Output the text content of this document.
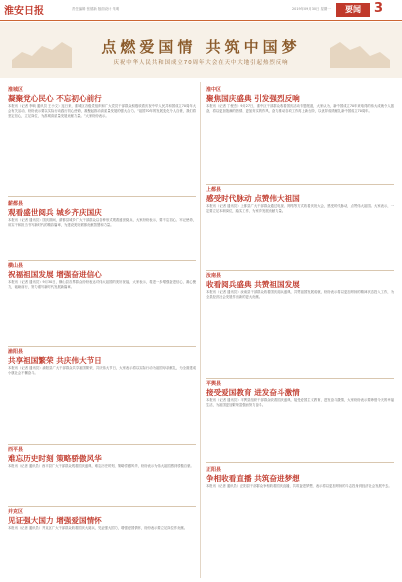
淮安日报	责任编辑 张德新 版面设计 朱明	2019年09月30日 星期一	要闻	3
点燃爱国情 共筑中国梦
庆祝中华人民共和国成立70周年大会在天中大地引起热烈反响
淮城区
凝聚党心民心 不忘初心前行
本报讯（记者 李响 通讯员 王小文）连日来，淮城区各级党组织和广大党员干部群众积极收看庆祝中华人民共和国成立70周年大会有关活动，纷纷表示要以实际行动践行初心使命，凝聚起推动高质量发展的强大合力。“祖国70年的发展变化令人自豪，我们将坚定信心，立足岗位，为淮城高质量发展贡献力量。”大家纷纷表示。
薪都县
观看盛世阅兵 城乡齐庆国庆
本报讯（记者 通讯员）国庆期间，薪都县城乡广大干部群众以各种形式观看盛世阅兵，大家纷纷表示，要不忘初心、牢记使命，用实干和担当书写新时代的精彩篇章，为建设美好薪都贡献智慧和力量。
横山县
祝福祖国发展 增强奋进信心
本报讯（记者 通讯员）9月30日，横山县各界群众纷纷表达对伟大祖国的美好祝福，大家表示，将进一步增强奋进信心，凝心聚力，砥砺前行，努力谱写新时代发展新篇章。
渝阳县
共享祖国繁荣 共庆伟大节日
本报讯（记者 通讯员）渝阳县广大干部群众共享祖国繁荣，共庆伟大节日，大家表示将以实际行动为祖国母亲献礼，为全面建成小康社会不懈奋斗。
西平县
难忘历史时刻 策略骄傲风华
本报讯（记者 通讯员）西平县广大干部群众观看国庆盛典，难忘历史时刻，策略骄傲风华，纷纷表示为伟大祖国感到骄傲自豪。
并克区
见证强大国力 增强爱国情怀
本报讯（记者 通讯员）并克区广大干部群众收看国庆大阅兵，见证强大国力，增强爱国情怀，纷纷表示要立足岗位作贡献。
淮中区
聚焦国庆盛典 引发强烈反响
本报讯（记者 丁俊杰）9月27日，淮中区干部群众收看国庆活动专题报道，大家认为，新中国成立70年来取得的伟大成就令人振奋，将以更加饱满的热情、更加务实的作风，奋力推动各项工作再上新台阶，以优异成绩献礼新中国成立70周年。
上都县
感受时代脉动 点赞伟大祖国
本报讯（记者 通讯员）上都县广大干部群众通过电视、网络等方式收看庆祝大会，感受时代脉动，点赞伟大祖国。大家表示，一定要立足本职岗位，踏实工作，为家乡发展贡献力量。
汝南县
收看阅兵盛典 共赞祖国发展
本报讯（记者 通讯员）汝南县干部群众收看国庆阅兵盛典，共赞祖国发展成就，纷纷表示将以更加昂扬的精神状态投入工作，为全县经济社会发展作出新的更大贡献。
平舆县
接受爱国教育 进发奋斗激情
本报讯（记者 通讯员）平舆县组织干部群众收看国庆盛典，接受爱国主义教育，进发奋斗激情，大家纷纷表示要珍惜今天的幸福生活，为祖国更加繁荣富强而努力奋斗。
正阳县
争相收看直播 共筑奋进梦想
本报讯（记者 通讯员）正阳县干部群众争相收看国庆直播，共筑奋进梦想，表示将以更加昂扬的斗志投身到经济社会发展中去。
